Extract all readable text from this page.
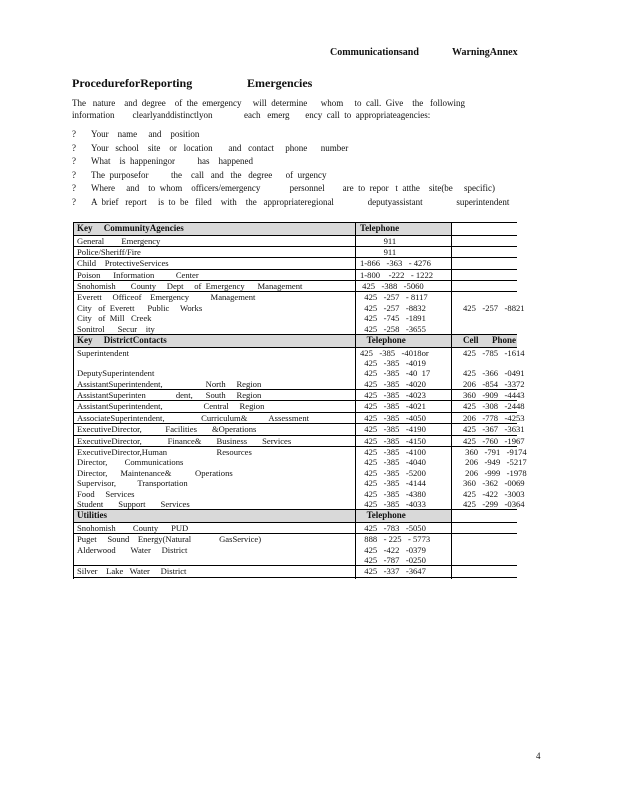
Communicationsand	WarningAnnex
ProcedureforReporting	Emergencies
The   nature    and  degree    of  the  emergency     will  determine      whom     to  call.  Give    the   following
information        clearlyanddistinctlyon              each   emerg       ency  call  to  appropriateagencies:
? Your    name     and    position
? Your   school    site    or   location       and   contact     phone      number
? What    is  happeningor          has    happened
? The  purposefor          the    call   and   the   degree      of  urgency
? Where     and    to  whom    officers/emergency             personnel        are  to  repor   t  atthe    site(be     specific)
? A  brief   report     is  to  be   filed    with    the   appropriateregional               deputyassistant               superintendent
Key     CommunityAgencies	Telephone
General        Emergency	911
Police/Sheriff/Fire	911
Child    ProtectiveServices	1-866   -363   - 4276
Poison      Information          Center	1-800    -222   - 1222
Snohomish       County     Dept     of  Emergency      Management	425   -388   -5060
Everett     Officeof    Emergency          Management	425   -257   - 8117
City   of  Everett      Public     Works	425   -257   -8832	425   -257   -8821
City   of  Mill   Creek	425   -745   -1891
Sonitrol      Secur    ity	425   -258   -3655
Key     DistrictContacts	Telephone	Cell      Phone
Superintendent	425   -385   -4018or	425   -785   -1614
425   -385   -4019
DeputySuperintendent	425   -385   -40  17	425   -366   -0491
AssistantSuperintendent,                    North     Region	425   -385   -4020	206   -854   -3372
AssistantSuperinten              dent,      South     Region	425   -385   -4023	360   -909   -4443
AssistantSuperintendent,                   Central     Region	425   -385   -4021	425   -308   -2448
AssociateSuperintendent,                 Curriculum&          Assessment	425   -385   -4050	206   -778   -4253
ExecutiveDirector,           Facilities       &Operations	425   -385   -4190	425   -367   -3631
ExecutiveDirector,            Finance&       Business       Services	425   -385   -4150	425   -760   -1967
ExecutiveDirector,Human                       Resources	425   -385   -4100	360   -791   -9174
Director,        Communications	425   -385   -4040	206   -949   -5217
Director,      Maintenance&           Operations	425   -385   -5200	206   -999   -1978
Supervisor,          Transportation	425   -385   -4144	360   -362   -0069
Food     Services	425   -385   -4380	425   -422   -3003
Student       Support       Services	425   -385   -4033	425   -299   -0364
Utilities	Telephone
Snohomish        County      PUD	425   -783   -5050
Puget     Sound    Energy(Natural             GasService)	888   - 225   - 5773
Alderwood       Water     District	425   -422   -0379
425   -787   -0250
Silver    Lake   Water     District	425   -337   -3647
4
